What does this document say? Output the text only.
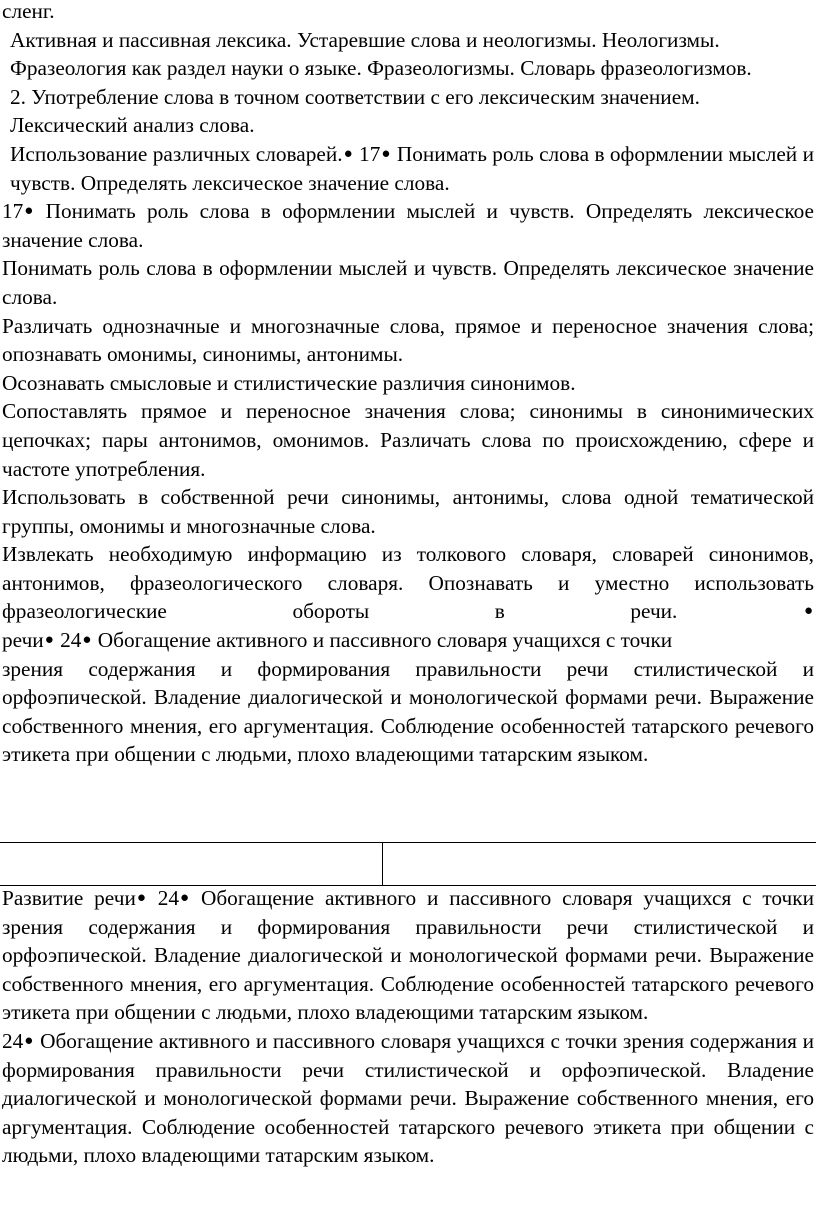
сленг.

Активная и пассивная лексика. Устаревшие слова и неологизмы. Неологизмы.

Фразеология как раздел науки о языке. Фразеологизмы. Словарь фразеологизмов.

2. Употребление слова в точном соответствии с его лексическим значением.

Лексический анализ слова.

Использование различных словарей.● 17● Понимать роль слова в оформлении мыслей и чувств. Определять лексическое значение слова.

17● Понимать роль слова в оформлении мыслей и чувств. Определять лексическое значение слова.

Понимать роль слова в оформлении мыслей и чувств. Определять лексическое значение слова.

Различать однозначные и многозначные слова, прямое и переносное значения слова; опознавать омонимы, синонимы, антонимы.

Осознавать смысловые и стилистические различия синонимов.

Сопоставлять прямое и переносное значения слова; синонимы в синонимических цепочках; пары антонимов, омонимов. Различать слова по происхождению, сфере и частоте употребления.

Использовать в собственной речи синонимы, антонимы, слова одной тематической группы, омонимы и многозначные слова.

Извлекать необходимую информацию из толкового словаря, словарей синонимов, антонимов, фразеологического словаря. Опознавать и уместно использовать фразеологические обороты в речи.	●

речи● 24● Обогащение активного и пассивного словаря учащихся с точки

зрения содержания и формирования правильности речи стилистической и орфоэпической. Владение диалогической и монологической формами речи. Выражение собственного мнения, его аргументация. Соблюдение особенностей татарского речевого этикета при общении с людьми, плохо владеющими татарским языком.

Развитие речи● 24● Обогащение активного и пассивного словаря учащихся с точки зрения содержания и формирования правильности речи стилистической и орфоэпической. Владение диалогической и монологической формами речи. Выражение собственного мнения, его аргументация. Соблюдение особенностей татарского речевого этикета при общении с людьми, плохо владеющими татарским языком.

24● Обогащение активного и пассивного словаря учащихся с точки зрения содержания и формирования правильности речи стилистической и орфоэпической. Владение диалогической и монологической формами речи. Выражение собственного мнения, его аргументация. Соблюдение особенностей татарского речевого этикета при общении с людьми, плохо владеющими татарским языком.
